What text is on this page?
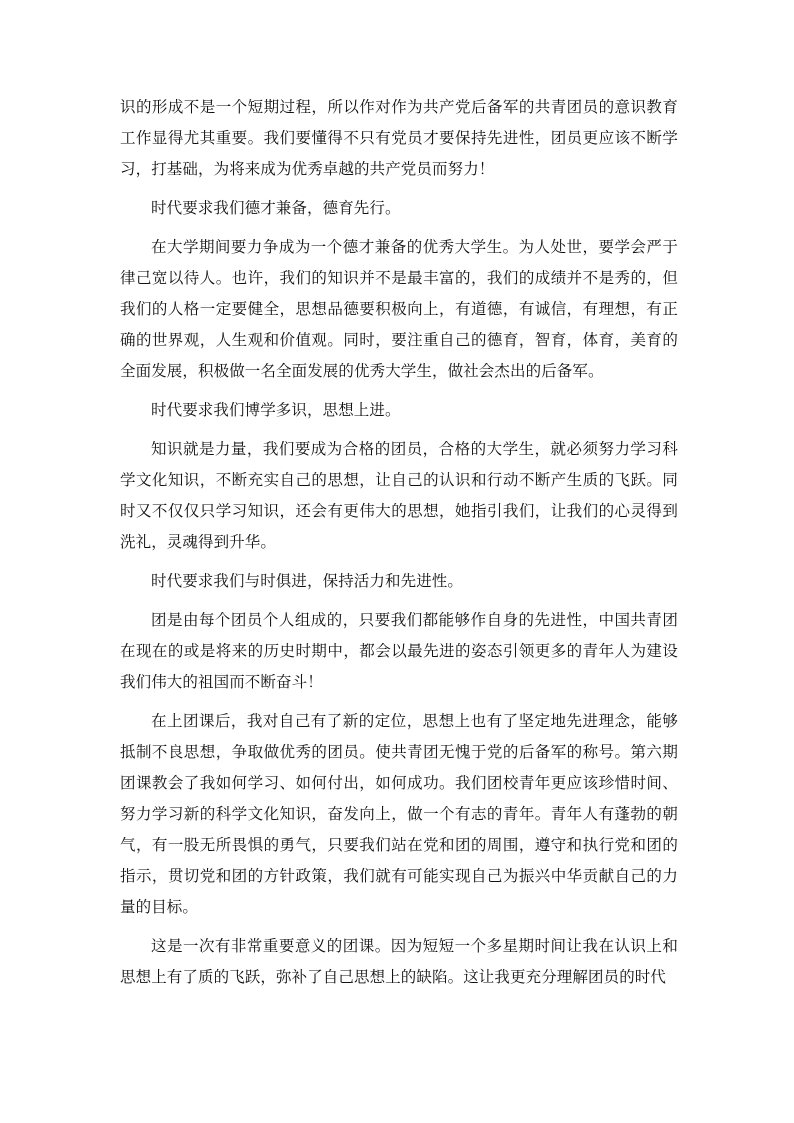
识的形成不是一个短期过程，所以作对作为共产党后备军的共青团员的意识教育工作显得尤其重要。我们要懂得不只有党员才要保持先进性，团员更应该不断学习，打基础，为将来成为优秀卓越的共产党员而努力！

时代要求我们德才兼备，德育先行。

在大学期间要力争成为一个德才兼备的优秀大学生。为人处世，要学会严于律己宽以待人。也许，我们的知识并不是最丰富的，我们的成绩并不是秀的，但我们的人格一定要健全，思想品德要积极向上，有道德，有诚信，有理想，有正确的世界观，人生观和价值观。同时，要注重自己的德育，智育，体育，美育的全面发展，积极做一名全面发展的优秀大学生，做社会杰出的后备军。

时代要求我们博学多识，思想上进。

知识就是力量，我们要成为合格的团员，合格的大学生，就必须努力学习科学文化知识，不断充实自己的思想，让自己的认识和行动不断产生质的飞跃。同时又不仅仅只学习知识，还会有更伟大的思想，她指引我们，让我们的心灵得到洗礼，灵魂得到升华。

时代要求我们与时俱进，保持活力和先进性。

团是由每个团员个人组成的，只要我们都能够作自身的先进性，中国共青团在现在的或是将来的历史时期中，都会以最先进的姿态引领更多的青年人为建设我们伟大的祖国而不断奋斗！

在上团课后，我对自己有了新的定位，思想上也有了坚定地先进理念，能够抵制不良思想，争取做优秀的团员。使共青团无愧于党的后备军的称号。第六期团课教会了我如何学习、如何付出，如何成功。我们团校青年更应该珍惜时间、努力学习新的科学文化知识，奋发向上，做一个有志的青年。青年人有蓬勃的朝气，有一股无所畏惧的勇气，只要我们站在党和团的周围，遵守和执行党和团的指示，贯切党和团的方针政策，我们就有可能实现自己为振兴中华贡献自己的力量的目标。

这是一次有非常重要意义的团课。因为短短一个多星期时间让我在认识上和思想上有了质的飞跃，弥补了自己思想上的缺陷。这让我更充分理解团员的时代
